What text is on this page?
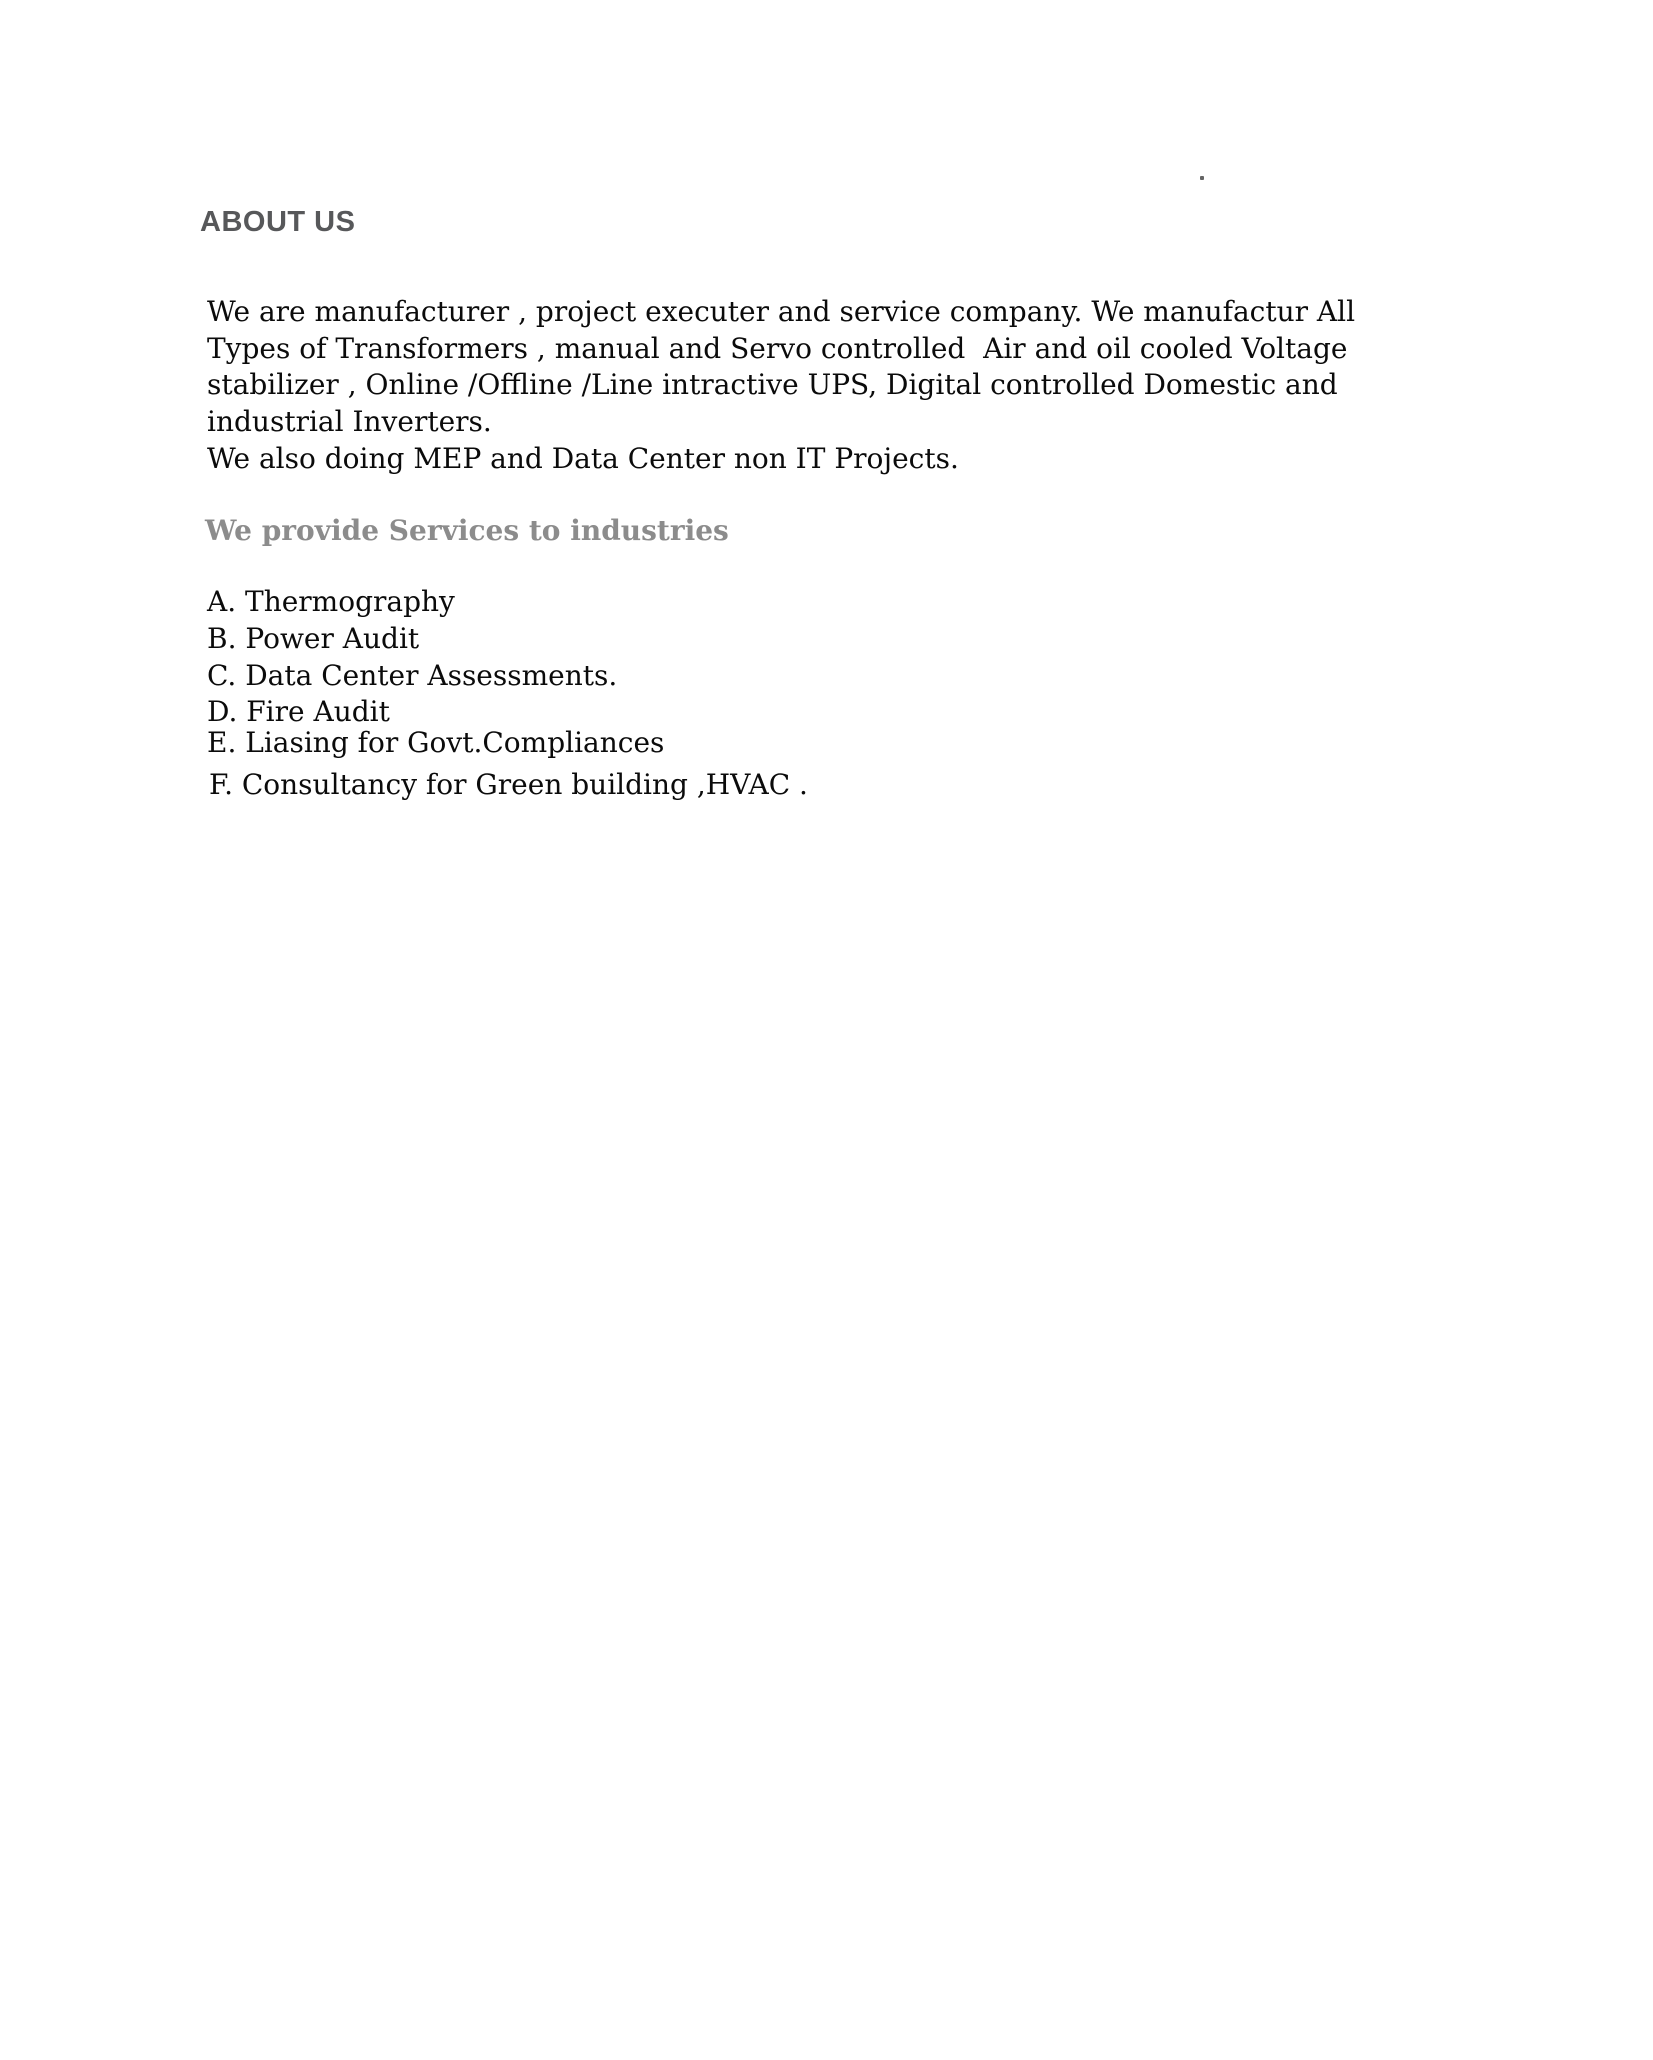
ABOUT US
We are manufacturer , project executer and service company. We manufactur All
Types of Transformers , manual and Servo controlled  Air and oil cooled Voltage
stabilizer , Online /Offline /Line intractive UPS, Digital controlled Domestic and
industrial Inverters.
We also doing MEP and Data Center non IT Projects.
We provide Services to industries
A. Thermography
B. Power Audit
C. Data Center Assessments.
D. Fire Audit
E. Liasing for Govt.Compliances
F. Consultancy for Green building ,HVAC .
